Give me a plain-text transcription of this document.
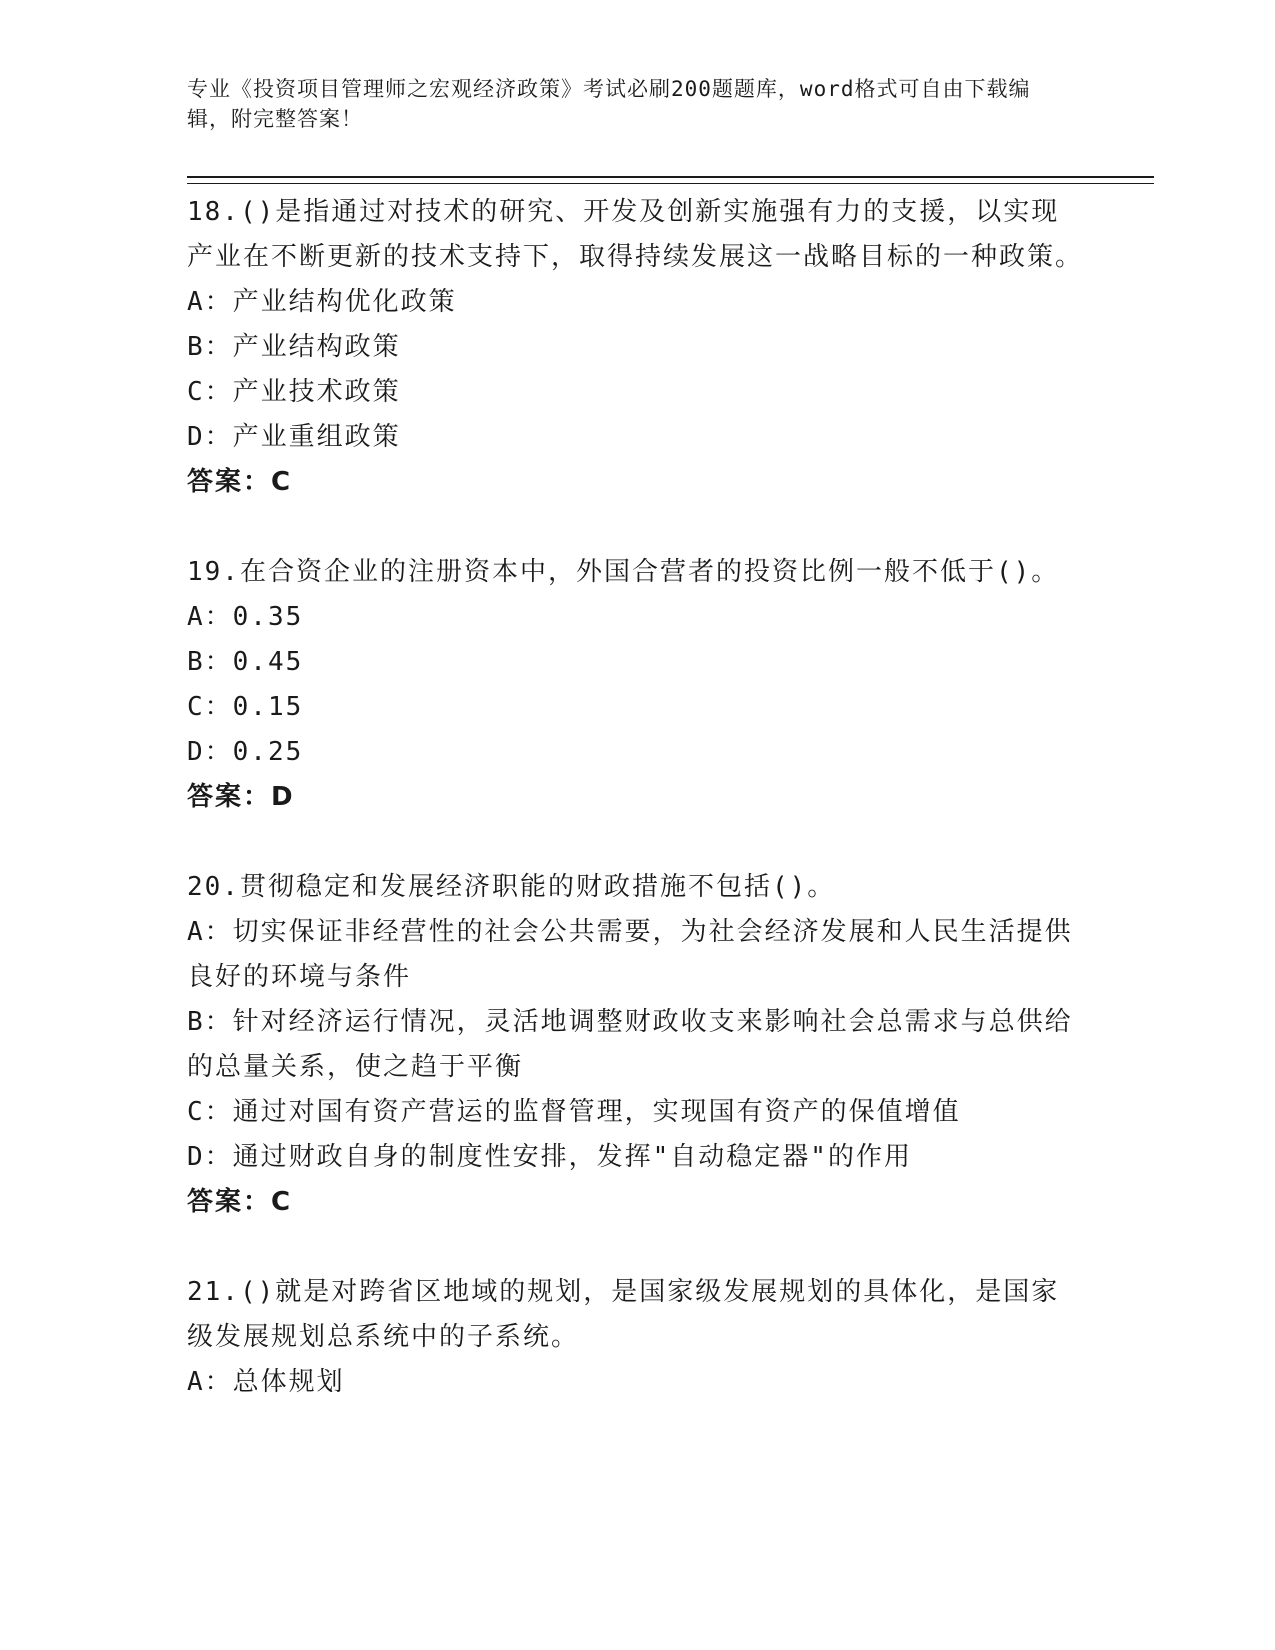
专业《投资项目管理师之宏观经济政策》考试必刷200题题库，word格式可自由下载编辑，附完整答案！

18.()是指通过对技术的研究、开发及创新实施强有力的支援，以实现产业在不断更新的技术支持下，取得持续发展这一战略目标的一种政策。

A：产业结构优化政策

B：产业结构政策

C：产业技术政策

D：产业重组政策

答案：C

19.在合资企业的注册资本中，外国合营者的投资比例一般不低于()。

A：0.35

B：0.45

C：0.15

D：0.25

答案：D

20.贯彻稳定和发展经济职能的财政措施不包括()。

A：切实保证非经营性的社会公共需要，为社会经济发展和人民生活提供良好的环境与条件

B：针对经济运行情况，灵活地调整财政收支来影响社会总需求与总供给的总量关系，使之趋于平衡

C：通过对国有资产营运的监督管理，实现国有资产的保值增值

D：通过财政自身的制度性安排，发挥"自动稳定器"的作用

答案：C

21.()就是对跨省区地域的规划，是国家级发展规划的具体化，是国家级发展规划总系统中的子系统。

A：总体规划
